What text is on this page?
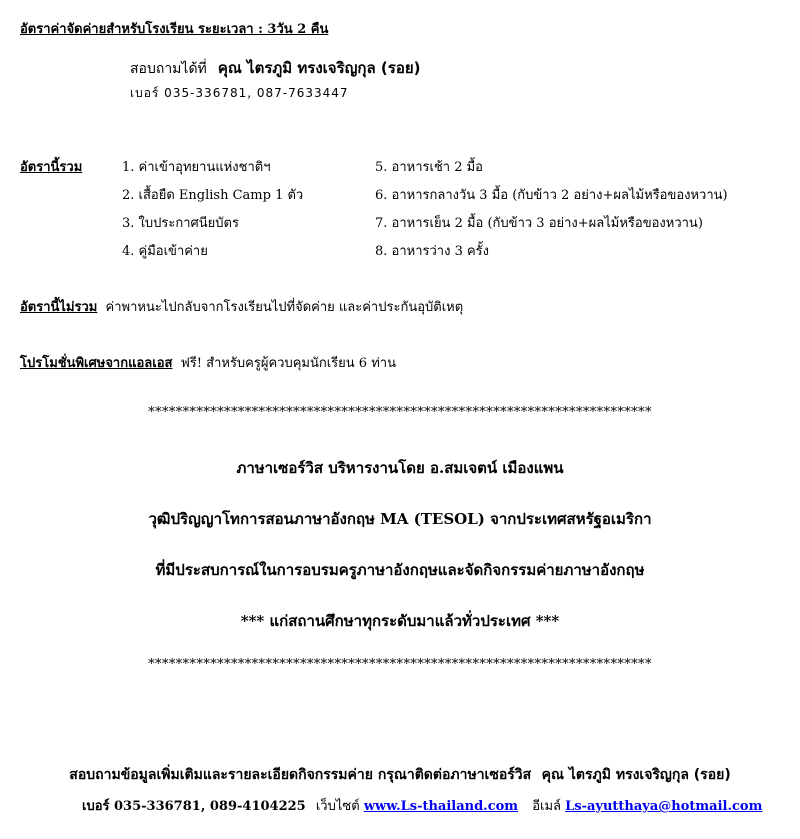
อัตราค่าจัดค่ายสำหรับโรงเรียน ระยะเวลา : 3วัน 2 คืน
สอบถามได้ที่ คุณ ไตรภูมิ ทรงเจริญกุล (รอย)
เบอร์ 035-336781, 087-7633447
อัตรานี้รวม	1. ค่าเข้าอุทยานแห่งชาติฯ
2. เสื้อยืด English Camp 1 ตัว
3. ใบประกาศนียบัตร
4. คู่มือเข้าค่าย
5. อาหารเช้า 2 มื้อ
6. อาหารกลางวัน 3 มื้อ (กับข้าว 2 อย่าง+ผลไม้หรือของหวาน)
7. อาหารเย็น 2 มื้อ (กับข้าว 3 อย่าง+ผลไม้หรือของหวาน)
8. อาหารว่าง 3 ครั้ง
อัตรานี้ไม่รวม ค่าพาหนะไปกลับจากโรงเรียนไปที่จัดค่าย และค่าประกันอุบัติเหตุ
โปรโมชั่นพิเศษจากแอลเอส ฟรี! สำหรับครูผู้ควบคุมนักเรียน 6 ท่าน
*************************************************************************
ภาษาเซอร์วิส บริหารงานโดย อ.สมเจตน์ เมืองแพน
วุฒิปริญญาโทการสอนภาษาอังกฤษ MA (TESOL) จากประเทศสหรัฐอเมริกา
ที่มีประสบการณ์ในการอบรมครูภาษาอังกฤษและจัดกิจกรรมค่ายภาษาอังกฤษ
*** แก่สถานศึกษาทุกระดับมาแล้วทั่วประเทศ ***
*************************************************************************
สอบถามข้อมูลเพิ่มเติมและรายละเอียดกิจกรรมค่าย กรุณาติดต่อภาษาเซอร์วิส คุณ ไตรภูมิ ทรงเจริญกุล (รอย)
เบอร์ 035-336781, 089-4104225 เว็บไซต์ www.Ls-thailand.com อีเมล์ Ls-ayutthaya@hotmail.com
